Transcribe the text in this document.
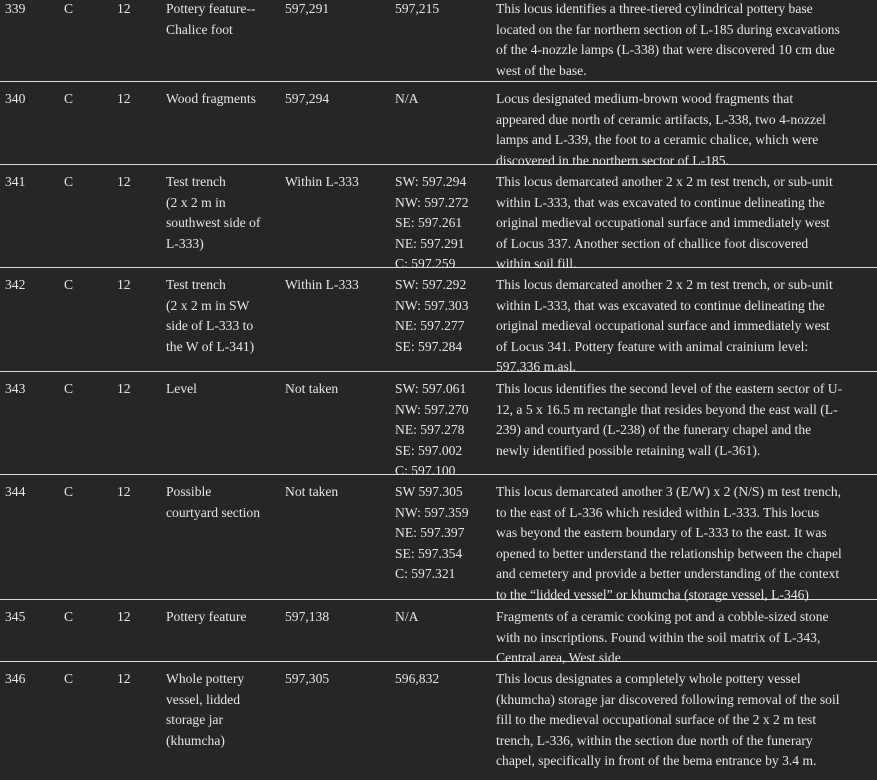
339	C	12	Pottery feature--
Chalice foot
597,291	597,215	This locus identifies a three-tiered cylindrical pottery base
located on the far northern section of L-185 during excavations
of the 4-nozzle lamps (L-338) that were discovered 10 cm due
west of the base.
340	C	12	Wood fragments	597,294	N/A	Locus designated medium-brown wood fragments that
appeared due north of ceramic artifacts, L-338, two 4-nozzel
lamps and L-339, the foot to a ceramic chalice, which were
discovered in the northern sector of L-185.
341	C	12	Test trench
(2 x 2 m in
southwest side of
L-333)
Within L-333	SW: 597.294
NW: 597.272
SE: 597.261
NE: 597.291
C: 597.259
This locus demarcated another 2 x 2 m test trench, or sub-unit
within L-333, that was excavated to continue delineating the
original medieval occupational surface and immediately west
of Locus 337. Another section of challice foot discovered
within soil fill.
342	C	12	Test trench
(2 x 2 m in SW
side of L-333 to
the W of L-341)
Within L-333	SW: 597.292
NW: 597.303
NE: 597.277
SE: 597.284
This locus demarcated another 2 x 2 m test trench, or sub-unit
within L-333, that was excavated to continue delineating the
original medieval occupational surface and immediately west
of Locus 341. Pottery feature with animal crainium level:
597.336 m.asl.
343	C	12	Level	Not taken	SW: 597.061
NW: 597.270
NE: 597.278
SE: 597.002
C: 597.100
This locus identifies the second level of the eastern sector of U-
12, a 5 x 16.5 m rectangle that resides beyond the east wall (L-
239) and courtyard (L-238) of the funerary chapel and the
newly identified possible retaining wall (L-361).
344	C	12	Possible
courtyard section
Not taken	SW 597.305
NW: 597.359
NE: 597.397
SE: 597.354
C: 597.321
This locus demarcated another 3 (E/W) x 2 (N/S) m test trench,
to the east of L-336 which resided within L-333. This locus
was beyond the eastern boundary of L-333 to the east. It was
opened to better understand the relationship between the chapel
and cemetery and provide a better understanding of the context
to the “lidded vessel” or khumcha (storage vessel, L-346)
345	C	12	Pottery feature	597,138	N/A	Fragments of a ceramic cooking pot and a cobble-sized stone
with no inscriptions. Found within the soil matrix of L-343,
Central area, West side
346	C	12	Whole pottery
vessel, lidded
storage jar
(khumcha)
597,305	596,832	This locus designates a completely whole pottery vessel
(khumcha) storage jar discovered following removal of the soil
fill to the medieval occupational surface of the 2 x 2 m test
trench, L-336, within the section due north of the funerary
chapel, specifically in front of the bema entrance by 3.4 m.
